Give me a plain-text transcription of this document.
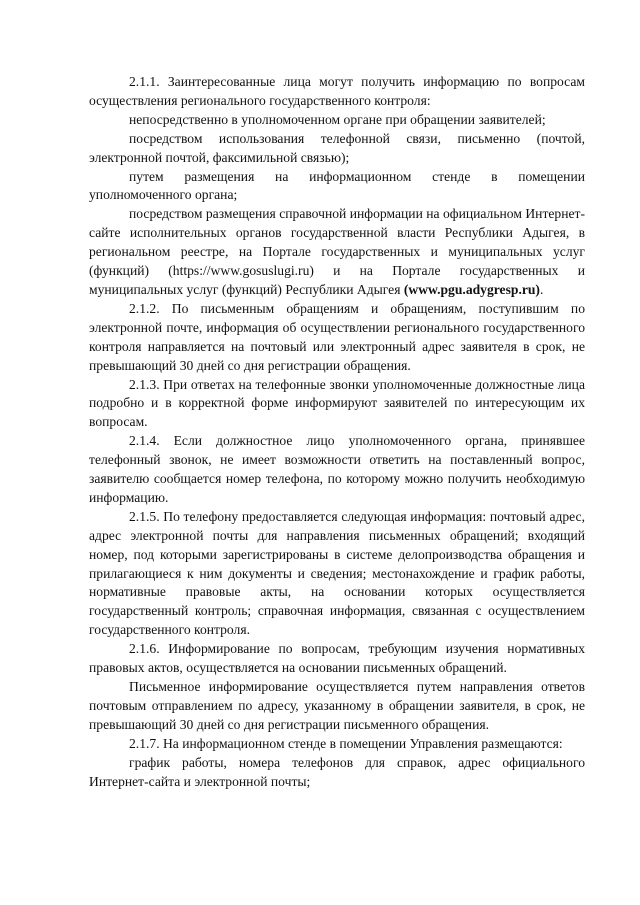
2.1.1. Заинтересованные лица могут получить информацию по вопросам осуществления регионального государственного контроля:

непосредственно в уполномоченном органе при обращении заявителей;

посредством использования телефонной связи, письменно (почтой, электронной почтой, факсимильной связью);

путем размещения на информационном стенде в помещении уполномоченного органа;

посредством размещения справочной информации на официальном Интернет-сайте исполнительных органов государственной власти Республики Адыгея, в региональном реестре, на Портале государственных и муниципальных услуг (функций) (https://www.gosuslugi.ru) и на Портале государственных и муниципальных услуг (функций) Республики Адыгея (www.pgu.adygresp.ru).

2.1.2. По письменным обращениям и обращениям, поступившим по электронной почте, информация об осуществлении регионального государственного контроля направляется на почтовый или электронный адрес заявителя в срок, не превышающий 30 дней со дня регистрации обращения.

2.1.3. При ответах на телефонные звонки уполномоченные должностные лица подробно и в корректной форме информируют заявителей по интересующим их вопросам.

2.1.4. Если должностное лицо уполномоченного органа, принявшее телефонный звонок, не имеет возможности ответить на поставленный вопрос, заявителю сообщается номер телефона, по которому можно получить необходимую информацию.

2.1.5. По телефону предоставляется следующая информация: почтовый адрес, адрес электронной почты для направления письменных обращений; входящий номер, под которыми зарегистрированы в системе делопроизводства обращения и прилагающиеся к ним документы и сведения; местонахождение и график работы, нормативные правовые акты, на основании которых осуществляется государственный контроль; справочная информация, связанная с осуществлением государственного контроля.

2.1.6. Информирование по вопросам, требующим изучения нормативных правовых актов, осуществляется на основании письменных обращений.

Письменное информирование осуществляется путем направления ответов почтовым отправлением по адресу, указанному в обращении заявителя, в срок, не превышающий 30 дней со дня регистрации письменного обращения.

2.1.7. На информационном стенде в помещении Управления размещаются:

график работы, номера телефонов для справок, адрес официального Интернет-сайта и электронной почты;
